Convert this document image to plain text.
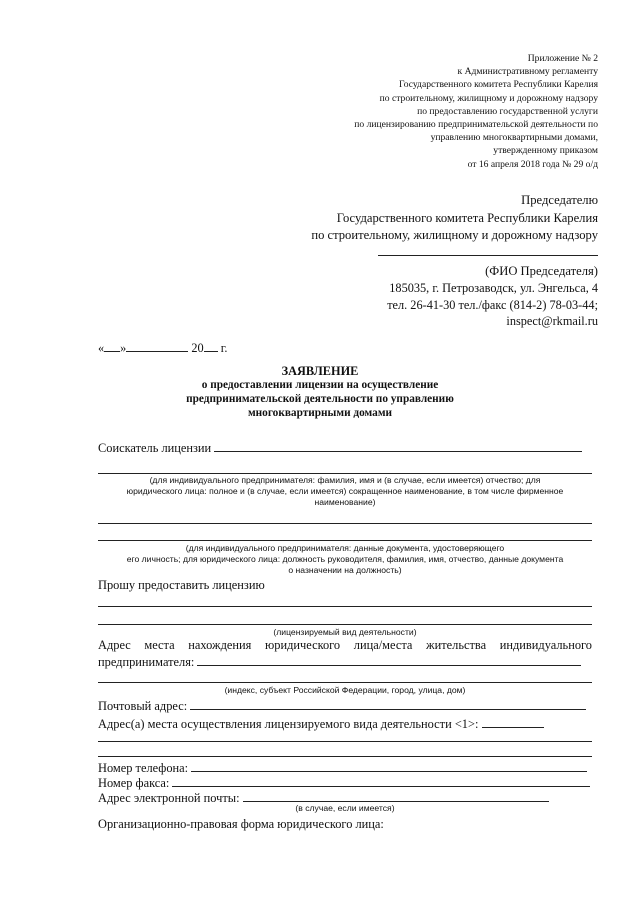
Приложение № 2
к Административному регламенту
Государственного комитета Республики Карелия
по строительному, жилищному и дорожному надзору
по предоставлению государственной услуги
по лицензированию предпринимательской деятельности по
управлению многоквартирными домами,
утвержденному приказом
от 16 апреля 2018 года № 29 о/д
Председателю
Государственного комитета Республики Карелия
по строительному, жилищному и дорожному надзору
(ФИО Председателя)
185035, г. Петрозаводск, ул. Энгельса, 4
тел. 26-41-30 тел./факс (814-2) 78-03-44;
inspect@rkmail.ru
« »	20 г.
ЗАЯВЛЕНИЕ
о предоставлении лицензии на осуществление
предпринимательской деятельности по управлению
многоквартирными домами
Соискатель лицензии
(для индивидуального предпринимателя: фамилия, имя и (в случае, если имеется) отчество; для
юридического лица: полное и (в случае, если имеется) сокращенное наименование, в том числе фирменное
наименование)
(для индивидуального предпринимателя: данные документа, удостоверяющего
его личность; для юридического лица: должность руководителя, фамилия, имя, отчество, данные документа
о назначении на должность)
Прошу предоставить лицензию
(лицензируемый вид деятельности)
Адрес места нахождения юридического лица/места жительства индивидуального
предпринимателя:
(индекс, субъект Российской Федерации, город, улица, дом)
Почтовый адрес:
Адрес(а) места осуществления лицензируемого вида деятельности <1>:
Номер телефона:
Номер факса:
Адрес электронной почты:
(в случае, если имеется)
Организационно-правовая форма юридического лица:
